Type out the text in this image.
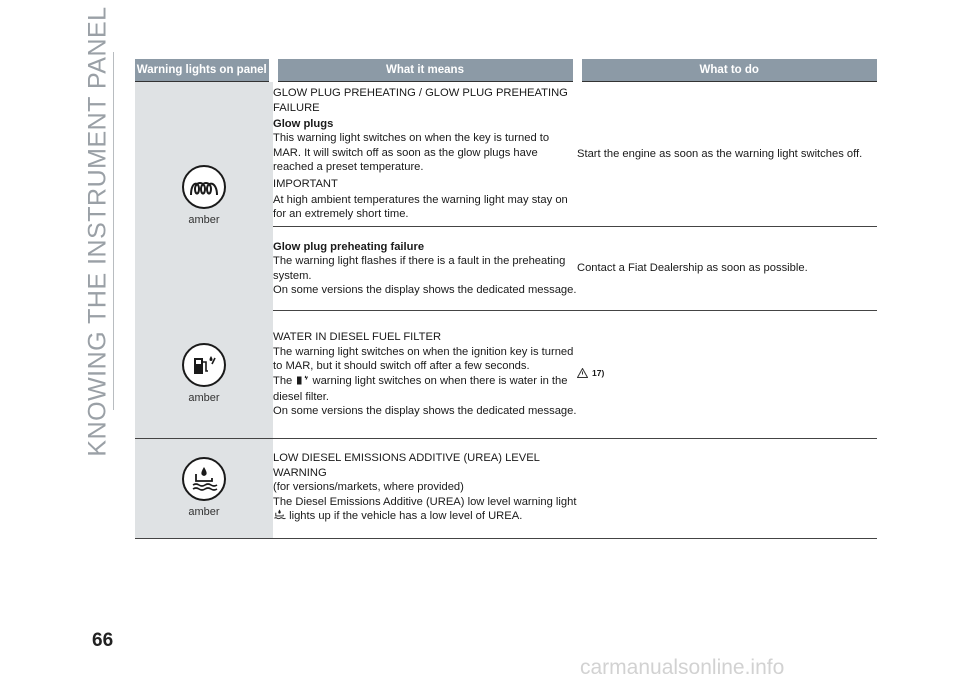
KNOWING THE INSTRUMENT PANEL Warning lights on panel	What it means	What to do

amber	GLOW PLUG PREHEATING / GLOW PLUG PREHEATING FAILURE
Glow plugs
This warning light switches on when the key is turned to MAR. It will switch off as soon as the glow plugs have reached a preset temperature.
IMPORTANT
At high ambient temperatures the warning light may stay on for an extremely short time.	Start the engine as soon as the warning light switches off.

	Glow plug preheating failure
The warning light flashes if there is a fault in the preheating system.
On some versions the display shows the dedicated message.	Contact a Fiat Dealership as soon as possible.

amber	WATER IN DIESEL FUEL FILTER
The warning light switches on when the ignition key is turned to MAR, but it should switch off after a few seconds.
The warning light switches on when there is water in the diesel filter.
On some versions the display shows the dedicated message.	17)

amber	LOW DIESEL EMISSIONS ADDITIVE (UREA) LEVEL WARNING
(for versions/markets, where provided)
The Diesel Emissions Additive (UREA) low level warning light  lights up if the vehicle has a low level of UREA.	

66
carmanualsonline.info
